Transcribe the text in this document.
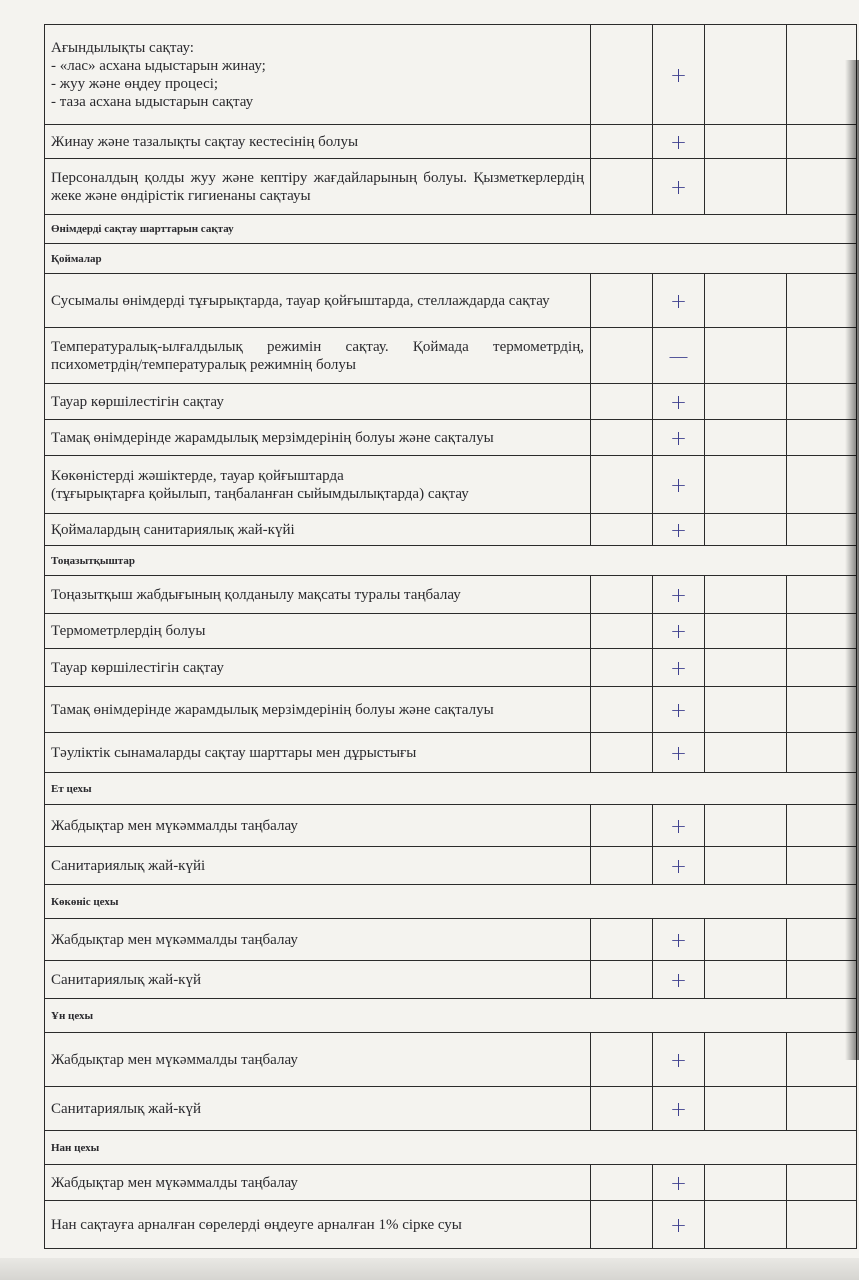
Ағындылықты сақтау:
- «лас» асхана ыдыстарын жинау;
- жуу және өңдеу процесі;
- таза асхана ыдыстарын сақтау		+		
Жинау және тазалықты сақтау кестесінің болуы		+		
Персоналдың қолды жуу және кептіру жағдайларының болуы. Қызметкерлердің жеке және өндірістік гигиенаны сақтауы		+		
Өнімдерді сақтау шарттарын сақтау				
Қоймалар				
Сусымалы өнімдерді тұғырықтарда, тауар қойғыштарда, стеллаждарда сақтау		+		
Температуралық-ылғалдылық режимін сақтау. Қоймада термометрдің, психометрдің/температуралық режимнің болуы		—		
Тауар көршілестігін сақтау		+		
Тамақ өнімдерінде жарамдылық мерзімдерінің болуы және сақталуы		+		

Көкөністерді жәшіктерде, тауар қойғыштарда
(тұғырықтарға қойылып, таңбаланған сыйымдылықтарда) сақтау		+		
Қоймалардың санитариялық жай-күйі		+		
Тоңазытқыштар				
Тоңазытқыш жабдығының қолданылу мақсаты туралы таңбалау		+		
Термометрлердің болуы		+		
Тауар көршілестігін сақтау		+		
Тамақ өнімдерінде жарамдылық мерзімдерінің болуы және сақталуы		+		
Тәуліктік сынамаларды сақтау шарттары мен дұрыстығы		+		
Ет цехы				
Жабдықтар мен мүкәммалды таңбалау		+		
Санитариялық жай-күйі		+		
Көкөніс цехы				
Жабдықтар мен мүкәммалды таңбалау		+		
Санитариялық жай-күй		+		
Ұн цехы				
Жабдықтар мен мүкәммалды таңбалау		+		
Санитариялық жай-күй		+		
Нан цехы				
Жабдықтар мен мүкәммалды таңбалау		+		
Нан сақтауға арналған сөрелерді өңдеуге арналған 1% сірке суы		+		
